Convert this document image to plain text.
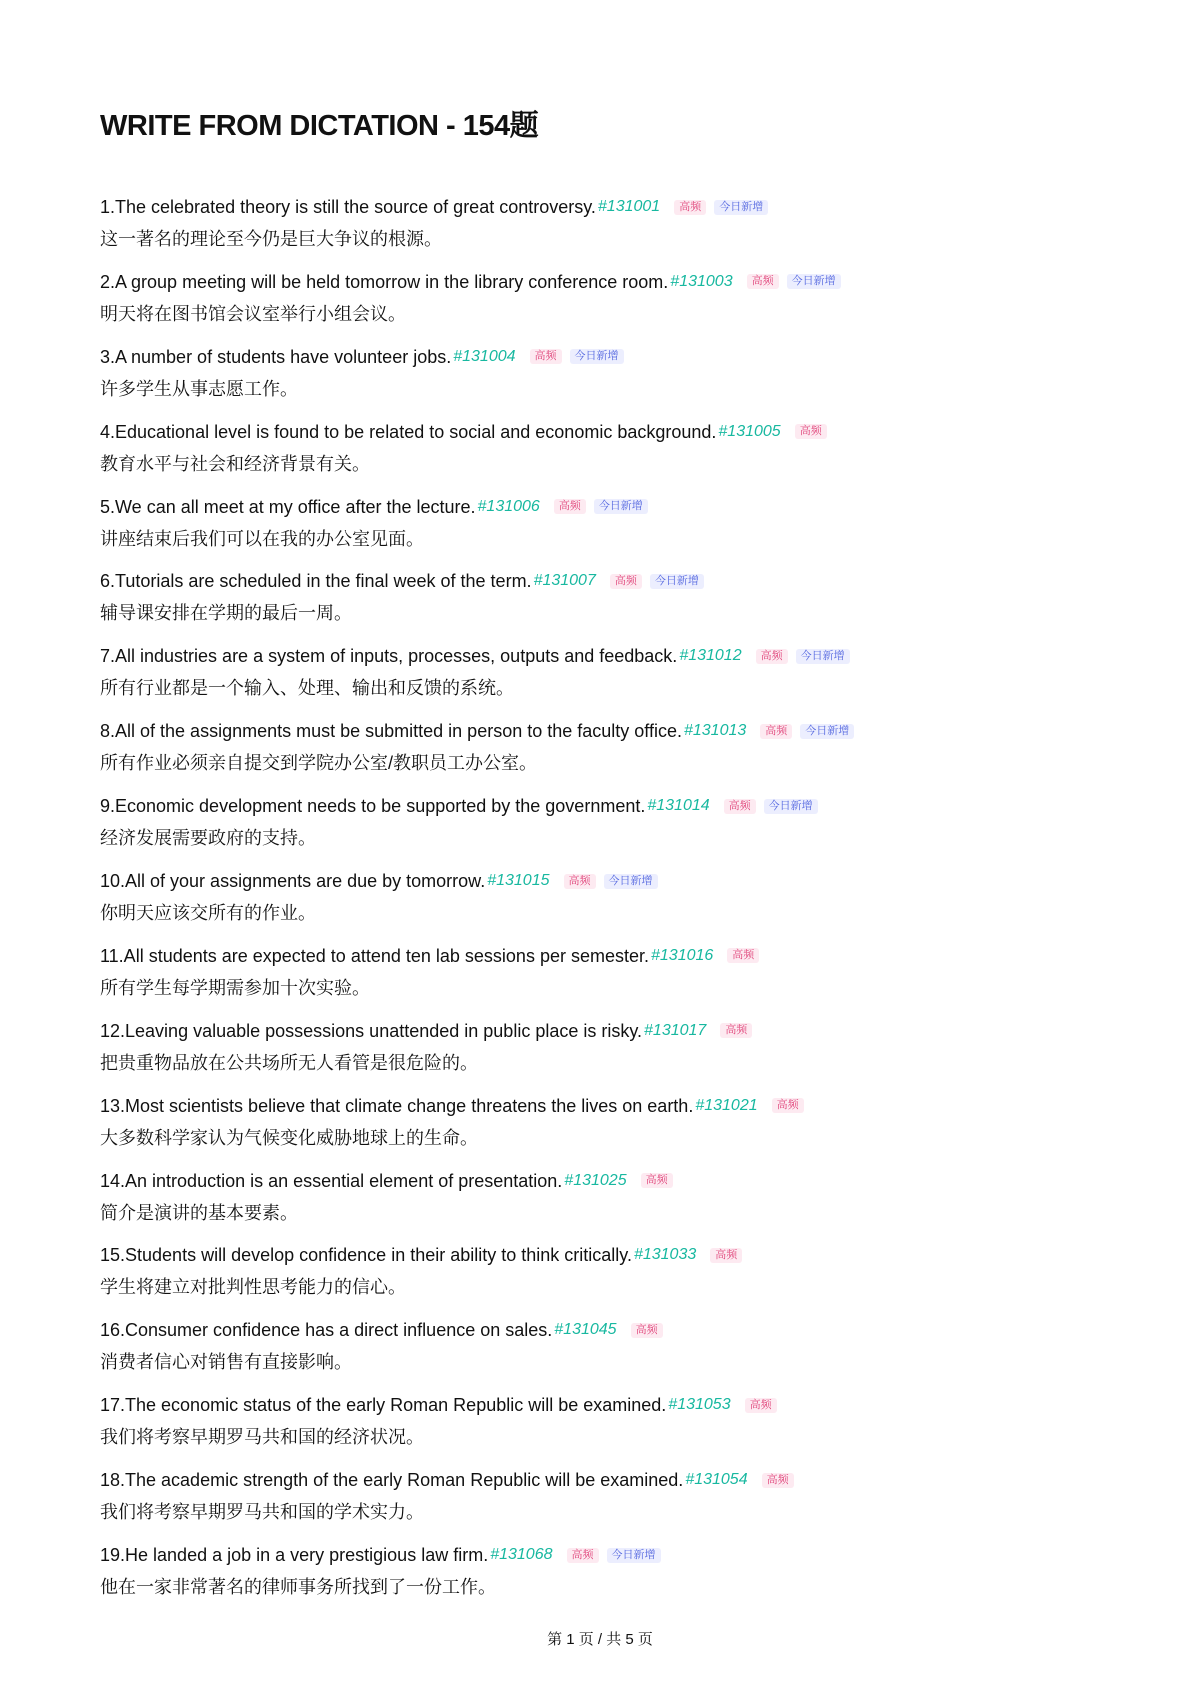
WRITE FROM DICTATION - 154题
1.The celebrated theory is still the source of great controversy. #131001	高频	今日新增
这一著名的理论至今仍是巨大争议的根源。
2.A group meeting will be held tomorrow in the library conference room. #131003	高频	今日新增
明天将在图书馆会议室举行小组会议。
3.A number of students have volunteer jobs. #131004	高频	今日新增
许多学生从事志愿工作。
4.Educational level is found to be related to social and economic background. #131005	高频
教育水平与社会和经济背景有关。
5.We can all meet at my office after the lecture. #131006	高频	今日新增
讲座结束后我们可以在我的办公室见面。
6.Tutorials are scheduled in the final week of the term. #131007	高频	今日新增
辅导课安排在学期的最后一周。
7.All industries are a system of inputs, processes, outputs and feedback. #131012	高频	今日新增
所有行业都是一个输入、处理、输出和反馈的系统。
8.All of the assignments must be submitted in person to the faculty office. #131013	高频	今日新增
所有作业必须亲自提交到学院办公室/教职员工办公室。
9.Economic development needs to be supported by the government. #131014	高频	今日新增
经济发展需要政府的支持。
10.All of your assignments are due by tomorrow. #131015	高频	今日新增
你明天应该交所有的作业。
11.All students are expected to attend ten lab sessions per semester. #131016	高频
所有学生每学期需参加十次实验。
12.Leaving valuable possessions unattended in public place is risky. #131017	高频
把贵重物品放在公共场所无人看管是很危险的。
13.Most scientists believe that climate change threatens the lives on earth. #131021	高频
大多数科学家认为气候变化威胁地球上的生命。
14.An introduction is an essential element of presentation. #131025	高频
简介是演讲的基本要素。
15.Students will develop confidence in their ability to think critically. #131033	高频
学生将建立对批判性思考能力的信心。
16.Consumer confidence has a direct influence on sales. #131045	高频
消费者信心对销售有直接影响。
17.The economic status of the early Roman Republic will be examined. #131053	高频
我们将考察早期罗马共和国的经济状况。
18.The academic strength of the early Roman Republic will be examined. #131054	高频
我们将考察早期罗马共和国的学术实力。
19.He landed a job in a very prestigious law firm. #131068	高频	今日新增
他在一家非常著名的律师事务所找到了一份工作。
第 1 页 / 共 5 页
